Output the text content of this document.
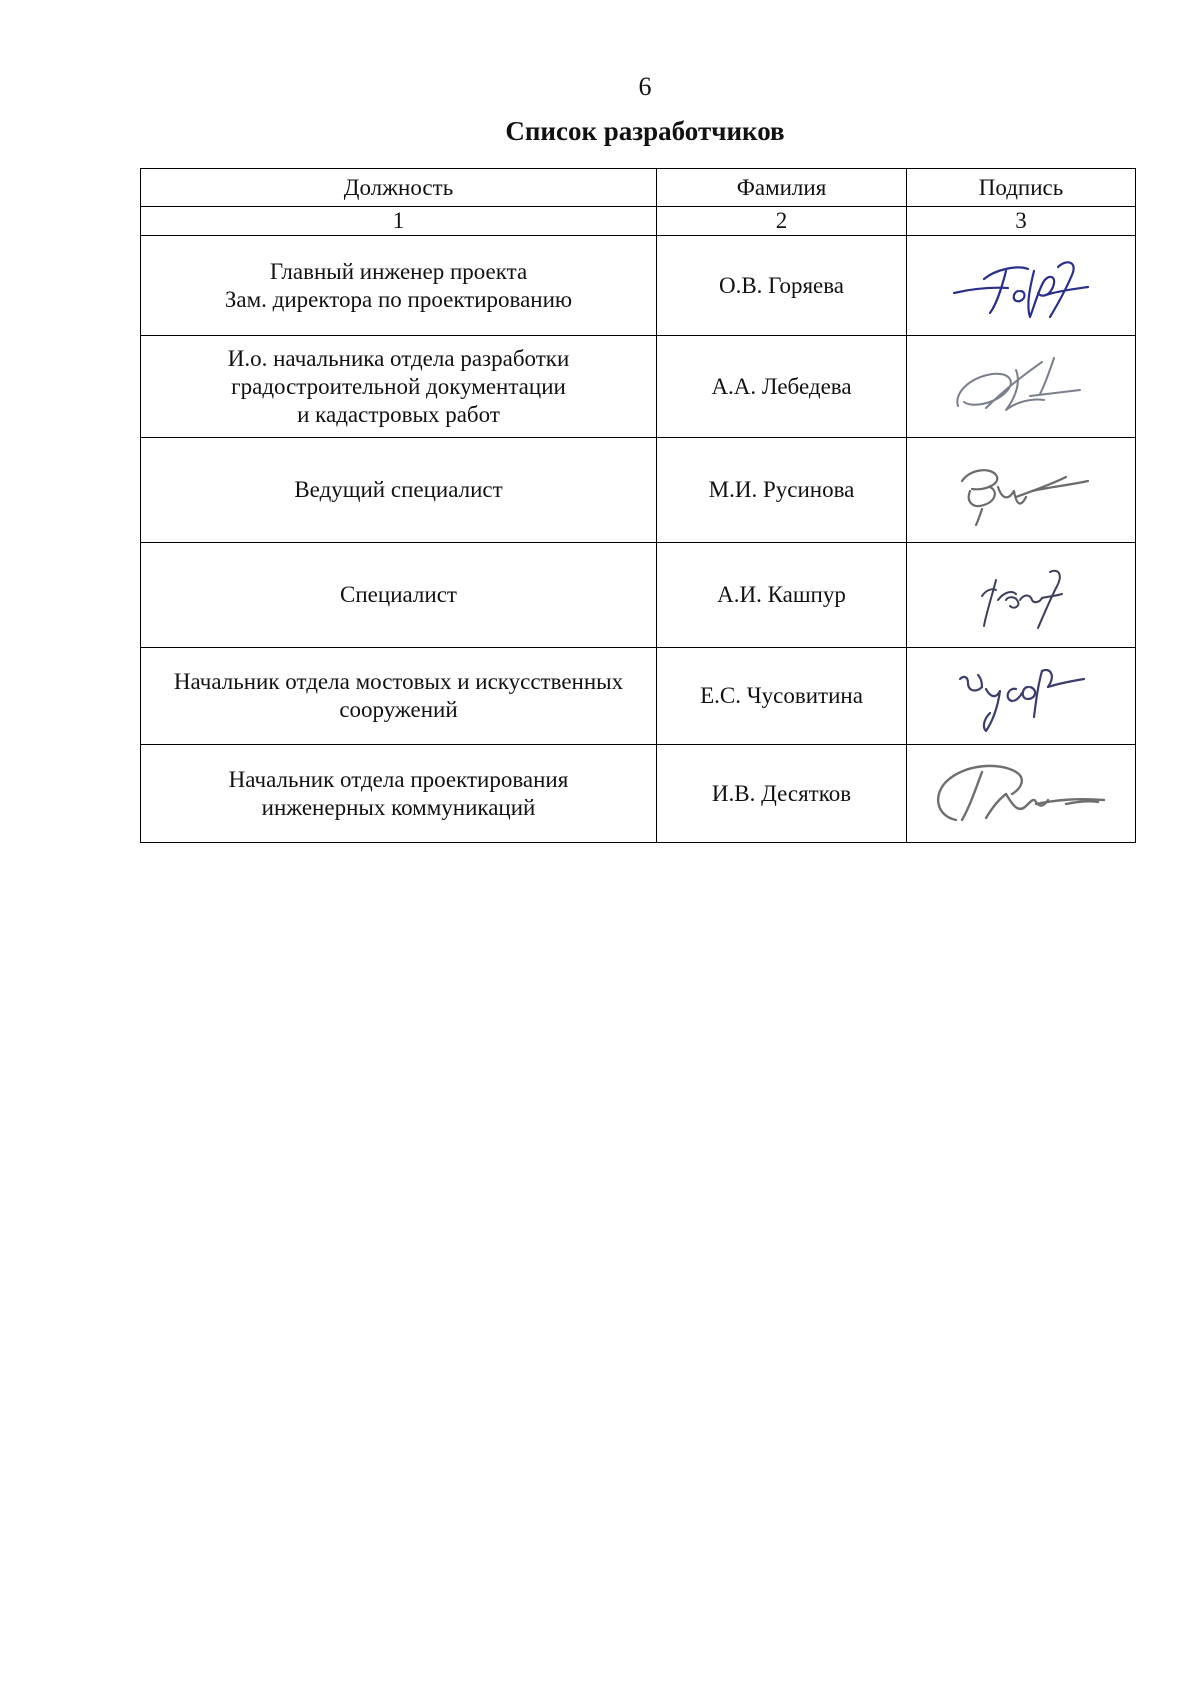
6
Список разработчиков
Должность	Фамилия	Подпись
1	2	3

Главный инженер проекта
Зам. директора по проектированию	О.В. Горяева	

И.о. начальника отдела разработки
градостроительной документации
и кадастровых работ	А.А. Лебедева	

Ведущий специалист	М.И. Русинова	

Специалист	А.И. Кашпур	

Начальник отдела мостовых и искусственных
сооружений	Е.С. Чусовитина	

Начальник отдела проектирования
инженерных коммуникаций	И.В. Десятков	
